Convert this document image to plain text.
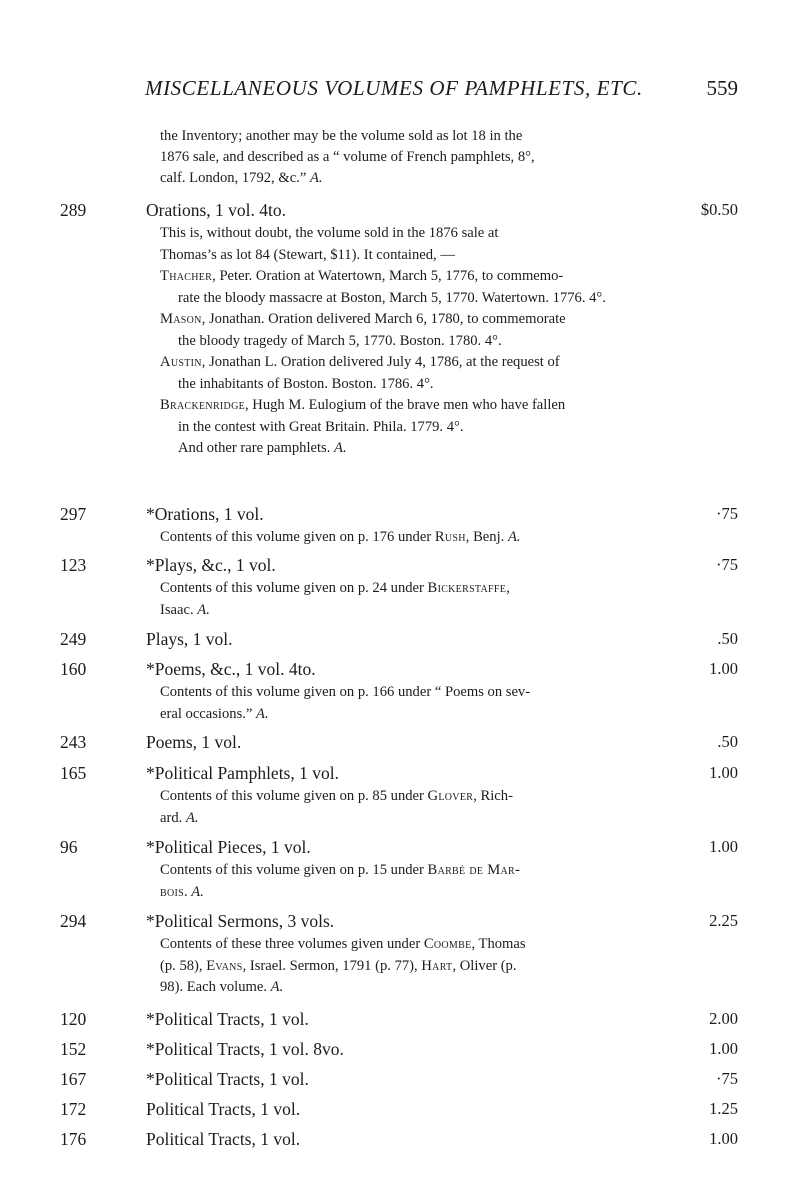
MISCELLANEOUS VOLUMES OF PAMPHLETS, ETC.	559
the Inventory; another may be the volume sold as lot 18 in the
1876 sale, and described as a “ volume of French pamphlets, 8°,
calf. London, 1792, &c.” A.
289	Orations, 1 vol. 4to.	$0.50
This is, without doubt, the volume sold in the 1876 sale at
Thomas’s as lot 84 (Stewart, $11). It contained, —
Thacher, Peter. Oration at Watertown, March 5, 1776, to commemo-
rate the bloody massacre at Boston, March 5, 1770. Watertown. 1776. 4°.
Mason, Jonathan. Oration delivered March 6, 1780, to commemorate
the bloody tragedy of March 5, 1770. Boston. 1780. 4°.
Austin, Jonathan L. Oration delivered July 4, 1786, at the request of
the inhabitants of Boston. Boston. 1786. 4°.
Brackenridge, Hugh M. Eulogium of the brave men who have fallen
in the contest with Great Britain. Phila. 1779. 4°.
And other rare pamphlets. A.
297	*Orations, 1 vol.	·75
Contents of this volume given on p. 176 under Rush, Benj. A.
123	*Plays, &c., 1 vol.	·75
Contents of this volume given on p. 24 under Bickerstaffe,
Isaac. A.
249	Plays, 1 vol.	.50
160	*Poems, &c., 1 vol. 4to.	1.00
Contents of this volume given on p. 166 under “ Poems on sev-
eral occasions.” A.
243	Poems, 1 vol.	.50
165	*Political Pamphlets, 1 vol.	1.00
Contents of this volume given on p. 85 under Glover, Rich-
ard. A.
96	*Political Pieces, 1 vol.	1.00
Contents of this volume given on p. 15 under Barbé de Mar-
bois. A.
294	*Political Sermons, 3 vols.	2.25
Contents of these three volumes given under Coombe, Thomas
(p. 58), Evans, Israel. Sermon, 1791 (p. 77), Hart, Oliver (p.
98). Each volume. A.
120	*Political Tracts, 1 vol.	2.00
152	*Political Tracts, 1 vol. 8vo.	1.00
167	*Political Tracts, 1 vol.	·75
172	Political Tracts, 1 vol.	1.25
176	Political Tracts, 1 vol.	1.00
